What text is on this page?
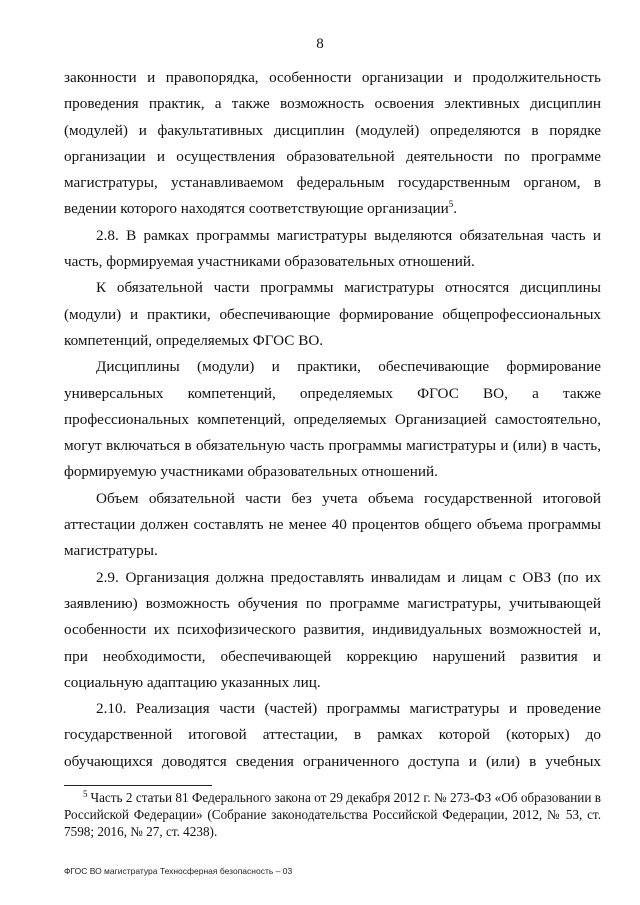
8

законности и правопорядка, особенности организации и продолжительность проведения практик, а также возможность освоения элективных дисциплин (модулей) и факультативных дисциплин (модулей) определяются в порядке организации и осуществления образовательной деятельности по программе магистратуры, устанавливаемом федеральным государственным органом, в ведении которого находятся соответствующие организации$^5$.

2.8. В рамках программы магистратуры выделяются обязательная часть и часть, формируемая участниками образовательных отношений.

К обязательной части программы магистратуры относятся дисциплины (модули) и практики, обеспечивающие формирование общепрофессиональных компетенций, определяемых ФГОС ВО.

Дисциплины (модули) и практики, обеспечивающие формирование универсальных компетенций, определяемых ФГОС ВО, а также профессиональных компетенций, определяемых Организацией самостоятельно, могут включаться в обязательную часть программы магистратуры и (или) в часть, формируемую участниками образовательных отношений.

Объем обязательной части без учета объема государственной итоговой аттестации должен составлять не менее 40 процентов общего объема программы магистратуры.

2.9. Организация должна предоставлять инвалидам и лицам с ОВЗ (по их заявлению) возможность обучения по программе магистратуры, учитывающей особенности их психофизического развития, индивидуальных возможностей и, при необходимости, обеспечивающей коррекцию нарушений развития и социальную адаптацию указанных лиц.

2.10. Реализация части (частей) программы магистратуры и проведение государственной итоговой аттестации, в рамках которой (которых) до обучающихся доводятся сведения ограниченного доступа и (или) в учебных

$^5$ Часть 2 статьи 81 Федерального закона от 29 декабря 2012 г. № 273-ФЗ «Об образовании в Российской Федерации» (Собрание законодательства Российской Федерации, 2012, № 53, ст. 7598; 2016, № 27, ст. 4238).
ФГОС ВО магистратура Техносферная безопасность – 03
